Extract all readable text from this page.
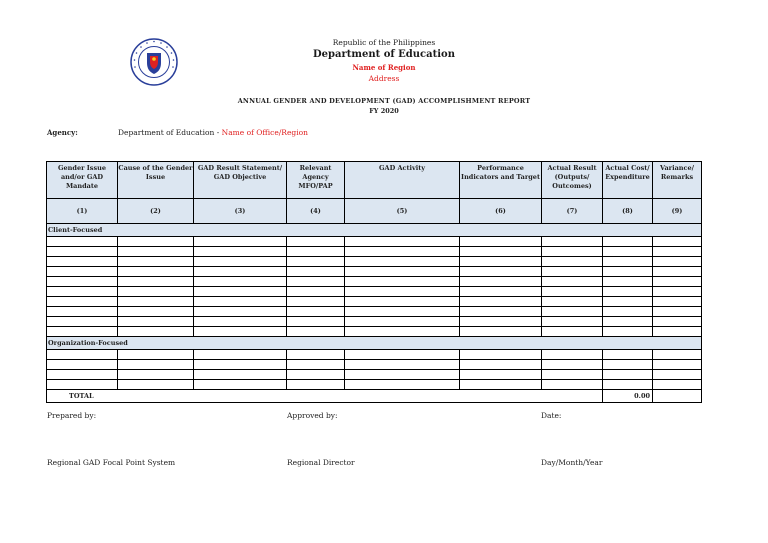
Republic of the Philippines
Department of Education
Name of Region
Address
ANNUAL GENDER AND DEVELOPMENT (GAD) ACCOMPLISHMENT REPORT
FY 2020
Agency:	Department of Education - Name of Office/Region
Gender Issue and/or GAD Mandate	Cause of the Gender Issue	GAD Result Statement/ GAD Objective	Relevant Agency MFO/PAP	GAD Activity	Performance Indicators and Target	Actual Result (Outputs/ Outcomes)	Actual Cost/ Expenditure	Variance/ Remarks
(1)	(2)	(3)	(4)	(5)	(6)	(7)	(8)	(9)
Client-Focused								

Organization-Focused								

TOTAL							0.00	
Prepared by:	Approved by:	Date:
Regional GAD Focal Point System	Regional Director	Day/Month/Year
